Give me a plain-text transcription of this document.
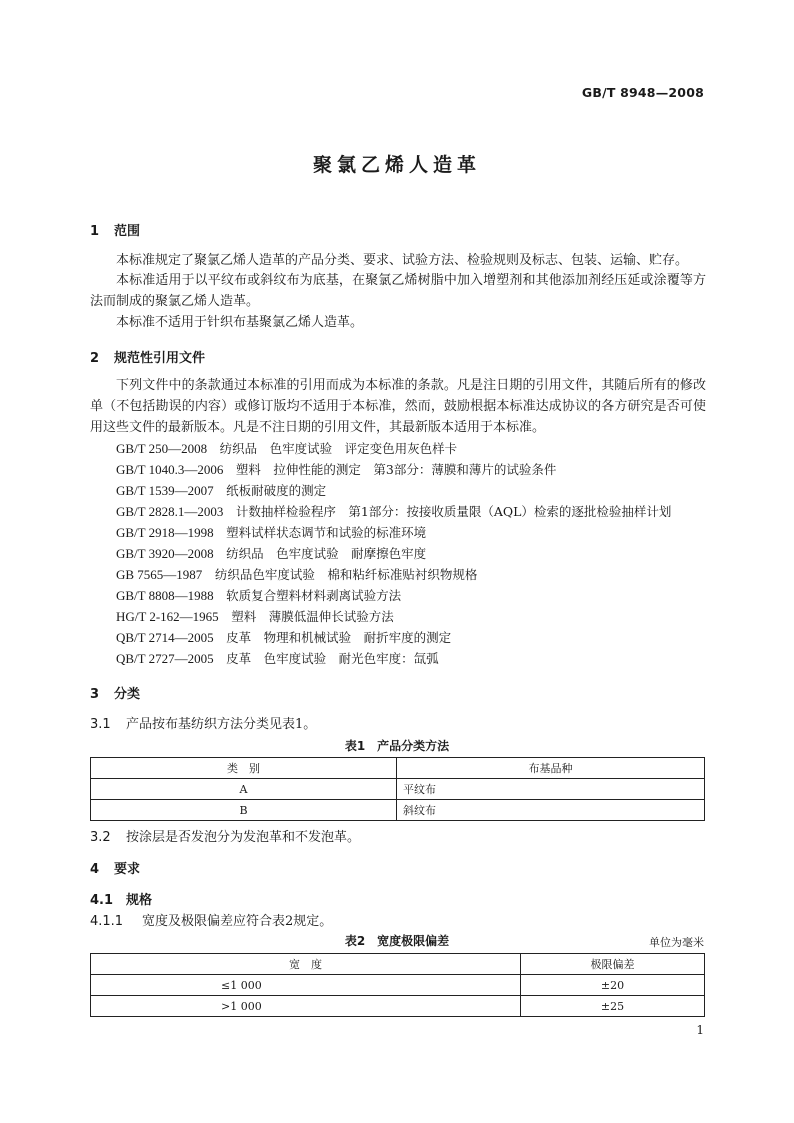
GB/T 8948—2008
聚氯乙烯人造革
1 范围
本标准规定了聚氯乙烯人造革的产品分类、要求、试验方法、检验规则及标志、包装、运输、贮存。
本标准适用于以平纹布或斜纹布为底基，在聚氯乙烯树脂中加入增塑剂和其他添加剂经压延或涂覆等方法而制成的聚氯乙烯人造革。
本标准不适用于针织布基聚氯乙烯人造革。
2 规范性引用文件
下列文件中的条款通过本标准的引用而成为本标准的条款。凡是注日期的引用文件，其随后所有的修改单（不包括勘误的内容）或修订版均不适用于本标准，然而，鼓励根据本标准达成协议的各方研究是否可使用这些文件的最新版本。凡是不注日期的引用文件，其最新版本适用于本标准。
GB/T 250—2008　 纺织品　色牢度试验　评定变色用灰色样卡
GB/T 1040.3—2006　 塑料　拉伸性能的测定　第3部分：薄膜和薄片的试验条件
GB/T 1539—2007　 纸板耐破度的测定
GB/T 2828.1—2003　 计数抽样检验程序　第1部分：按接收质量限（AQL）检索的逐批检验抽样计划
GB/T 2918—1998　 塑料试样状态调节和试验的标准环境
GB/T 3920—2008　 纺织品　色牢度试验　耐摩擦色牢度
GB 7565—1987　 纺织品色牢度试验　棉和粘纤标准贴衬织物规格
GB/T 8808—1988　 软质复合塑料材料剥离试验方法
HG/T 2-162—1965　 塑料　薄膜低温伸长试验方法
QB/T 2714—2005　 皮革　物理和机械试验　耐折牢度的测定
QB/T 2727—2005　 皮革　色牢度试验　耐光色牢度：氙弧
3 分类
3.1 产品按布基纺织方法分类见表1。
表1　产品分类方法
类　别	布基品种
A	平纹布
B	斜纹布
3.2 按涂层是否发泡分为发泡革和不发泡革。
4 要求
4.1 规格
4.1.1 宽度及极限偏差应符合表2规定。
表2　宽度极限偏差	单位为毫米
宽　度	极限偏差
≤1 000	±20
>1 000	±25
1
